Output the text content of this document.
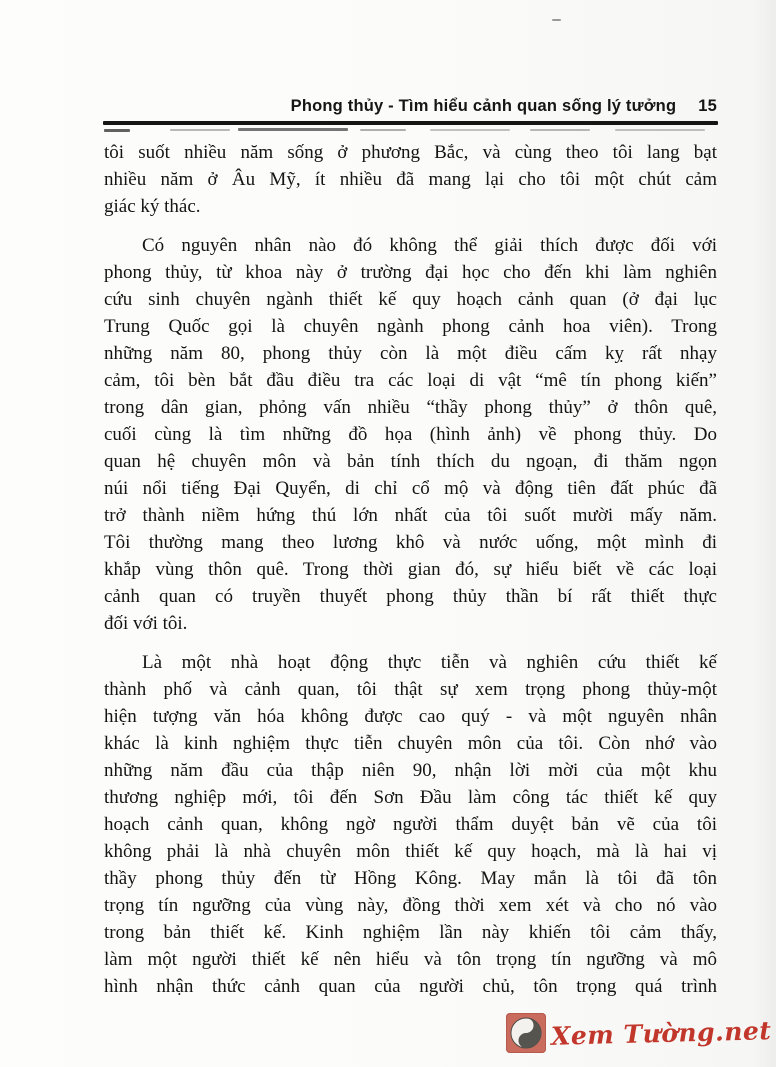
Phong thủy - Tìm hiểu cảnh quan sống lý tưởng 15

tôi suốt nhiều năm sống ở phương Bắc, và cùng theo tôi lang bạt
nhiều năm ở Âu Mỹ, ít nhiều đã mang lại cho tôi một chút cảm
giác ký thác.

Có nguyên nhân nào đó không thể giải thích được đối với
phong thủy, từ khoa này ở trường đại học cho đến khi làm nghiên
cứu sinh chuyên ngành thiết kế quy hoạch cảnh quan (ở đại lục
Trung Quốc gọi là chuyên ngành phong cảnh hoa viên). Trong
những năm 80, phong thủy còn là một điều cấm kỵ rất nhạy
cảm, tôi bèn bắt đầu điều tra các loại di vật “mê tín phong kiến”
trong dân gian, phỏng vấn nhiều “thầy phong thủy” ở thôn quê,
cuối cùng là tìm những đồ họa (hình ảnh) về phong thủy. Do
quan hệ chuyên môn và bản tính thích du ngoạn, đi thăm ngọn
núi nổi tiếng Đại Quyển, di chỉ cổ mộ và động tiên đất phúc đã
trở thành niềm hứng thú lớn nhất của tôi suốt mười mấy năm.
Tôi thường mang theo lương khô và nước uống, một mình đi
khắp vùng thôn quê. Trong thời gian đó, sự hiểu biết về các loại
cảnh quan có truyền thuyết phong thủy thần bí rất thiết thực
đối với tôi.

Là một nhà hoạt động thực tiễn và nghiên cứu thiết kế
thành phố và cảnh quan, tôi thật sự xem trọng phong thủy-một
hiện tượng văn hóa không được cao quý - và một nguyên nhân
khác là kinh nghiệm thực tiễn chuyên môn của tôi. Còn nhớ vào
những năm đầu của thập niên 90, nhận lời mời của một khu
thương nghiệp mới, tôi đến Sơn Đầu làm công tác thiết kế quy
hoạch cảnh quan, không ngờ người thẩm duyệt bản vẽ của tôi
không phải là nhà chuyên môn thiết kế quy hoạch, mà là hai vị
thầy phong thủy đến từ Hồng Kông. May mắn là tôi đã tôn
trọng tín ngưỡng của vùng này, đồng thời xem xét và cho nó vào
trong bản thiết kế. Kinh nghiệm lần này khiến tôi cảm thấy,
làm một người thiết kế nên hiểu và tôn trọng tín ngưỡng và mô
hình nhận thức cảnh quan của người chủ, tôn trọng quá trình

Xem Tường.net
